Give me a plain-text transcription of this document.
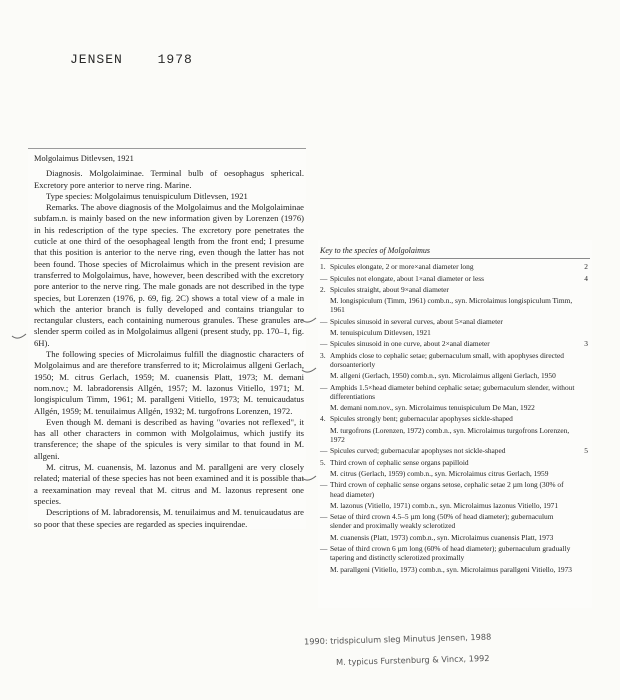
JENSEN	1978

Molgolaimus Ditlevsen, 1921

Diagnosis. Molgolaiminae. Terminal bulb of oesophagus spherical. Excretory pore anterior to nerve ring. Marine.

Type species: Molgolaimus tenuispiculum Ditlevsen, 1921

Remarks. The above diagnosis of the Molgolaimus and the Molgolaiminae subfam.n. is mainly based on the new information given by Lorenzen (1976) in his redescription of the type species. The excretory pore penetrates the cuticle at one third of the oesophageal length from the front end; I presume that this position is anterior to the nerve ring, even though the latter has not been found. Those species of Microlaimus which in the present revision are transferred to Molgolaimus, have, however, been described with the excretory pore anterior to the nerve ring. The male gonads are not described in the type species, but Lorenzen (1976, p. 69, fig. 2C) shows a total view of a male in which the anterior branch is fully developed and contains triangular to rectangular clusters, each containing numerous granules. These granules are slender sperm coiled as in Molgolaimus allgeni (present study, pp. 170–1, fig. 6H).

The following species of Microlaimus fulfill the diagnostic characters of Molgolaimus and are therefore transferred to it; Microlaimus allgeni Gerlach, 1950; M. citrus Gerlach, 1959; M. cuanensis Platt, 1973; M. demani nom.nov.; M. labradorensis Allgén, 1957; M. lazonus Vitiello, 1971; M. longispiculum Timm, 1961; M. parallgeni Vitiello, 1973; M. tenuicaudatus Allgén, 1959; M. tenuilaimus Allgén, 1932; M. turgofrons Lorenzen, 1972.

Even though M. demani is described as having "ovaries not reflexed", it has all other characters in common with Molgolaimus, which justify its transference; the shape of the spicules is very similar to that found in M. allgeni.

M. citrus, M. cuanensis, M. lazonus and M. parallgeni are very closely related; material of these species has not been examined and it is possible that a reexamination may reveal that M. citrus and M. lazonus represent one species.

Descriptions of M. labradorensis, M. tenuilaimus and M. tenuicaudatus are so poor that these species are regarded as species inquirendae.

Key to the species of Molgolaimus
1. Spicules elongate, 2 or more×anal diameter long	2
— Spicules not elongate, about 1×anal diameter or less	4
2. Spicules straight, about 9×anal diameter
M. longispiculum (Timm, 1961) comb.n., syn. Microlaimus longispiculum Timm, 1961
— Spicules sinusoid in several curves, about 5×anal diameter
M. tenuispiculum Ditlevsen, 1921
— Spicules sinusoid in one curve, about 2×anal diameter	3
3. Amphids close to cephalic setae; gubernaculum small, with apophyses directed dorsoanteriorly
M. allgeni (Gerlach, 1950) comb.n., syn. Microlaimus allgeni Gerlach, 1950
— Amphids 1.5×head diameter behind cephalic setae; gubernaculum slender, without differentiations
M. demani nom.nov., syn. Microlaimus tenuispiculum De Man, 1922
4. Spicules strongly bent; gubernacular apophyses sickle-shaped
M. turgofrons (Lorenzen, 1972) comb.n., syn. Microlaimus turgofrons Lorenzen, 1972
— Spicules curved; gubernacular apophyses not sickle-shaped	5
5. Third crown of cephalic sense organs papilloid
M. citrus (Gerlach, 1959) comb.n., syn. Microlaimus citrus Gerlach, 1959
— Third crown of cephalic sense organs setose, cephalic setae 2 µm long (30% of head diameter)
M. lazonus (Vitiello, 1971) comb.n., syn. Microlaimus lazonus Vitiello, 1971
— Setae of third crown 4.5–5 µm long (50% of head diameter); gubernaculum slender and proximally weakly sclerotized
M. cuanensis (Platt, 1973) comb.n., syn. Microlaimus cuanensis Platt, 1973
— Setae of third crown 6 µm long (60% of head diameter); gubernaculum gradually tapering and distinctly sclerotized proximally
M. parallgeni (Vitiello, 1973) comb.n., syn. Microlaimus parallgeni Vitiello, 1973
1990: tridspiculum sleg Minutus Jensen, 1988
M. typicus Furstenburg & Vincx, 1992
